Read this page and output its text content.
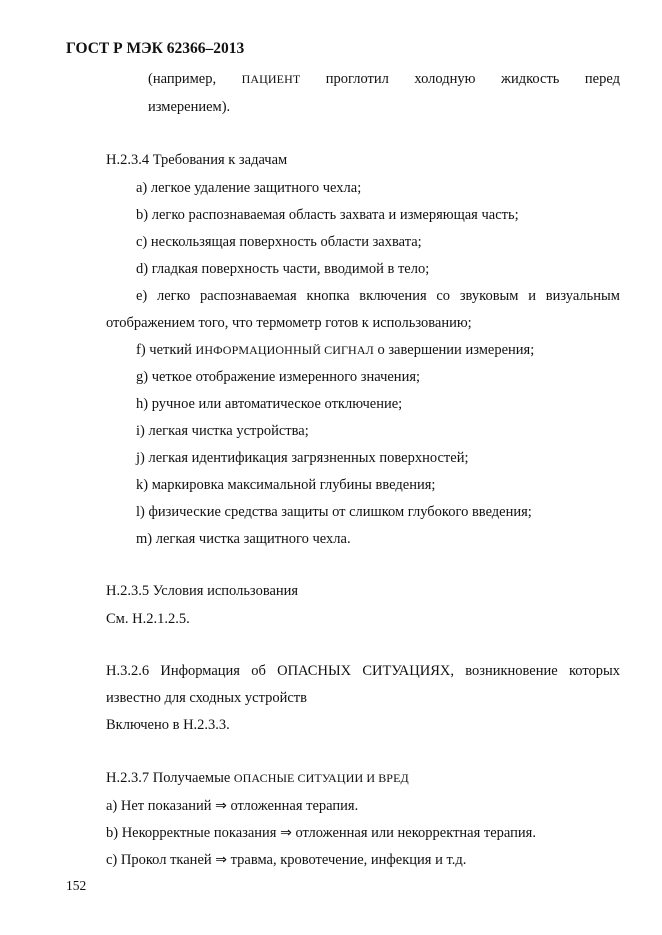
ГОСТ Р МЭК 62366–2013
(например, ПАЦИЕНТ проглотил холодную жидкость перед
измерением).
Н.2.3.4 Требования к задачам
а) легкое удаление защитного чехла;
b) легко распознаваемая область захвата и измеряющая часть;
с) нескользящая поверхность области захвата;
d) гладкая поверхность части, вводимой в тело;
е) легко распознаваемая кнопка включения со звуковым и визуальным
отображением того, что термометр готов к использованию;
f) четкий ИНФОРМАЦИОННЫЙ СИГНАЛ о завершении измерения;
g) четкое отображение измеренного значения;
h) ручное или автоматическое отключение;
i) легкая чистка устройства;
j) легкая идентификация загрязненных поверхностей;
k) маркировка максимальной глубины введения;
l) физические средства защиты от слишком глубокого введения;
m) легкая чистка защитного чехла.
Н.2.3.5 Условия использования
См. Н.2.1.2.5.
Н.3.2.6 Информация об ОПАСНЫХ СИТУАЦИЯХ, возникновение которых
известно для сходных устройств
Включено в Н.2.3.3.
Н.2.3.7 Получаемые ОПАСНЫЕ СИТУАЦИИ И ВРЕД
а) Нет показаний ⇒ отложенная терапия.
b) Некорректные показания ⇒ отложенная или некорректная терапия.
с) Прокол тканей ⇒ травма, кровотечение, инфекция и т.д.
152
